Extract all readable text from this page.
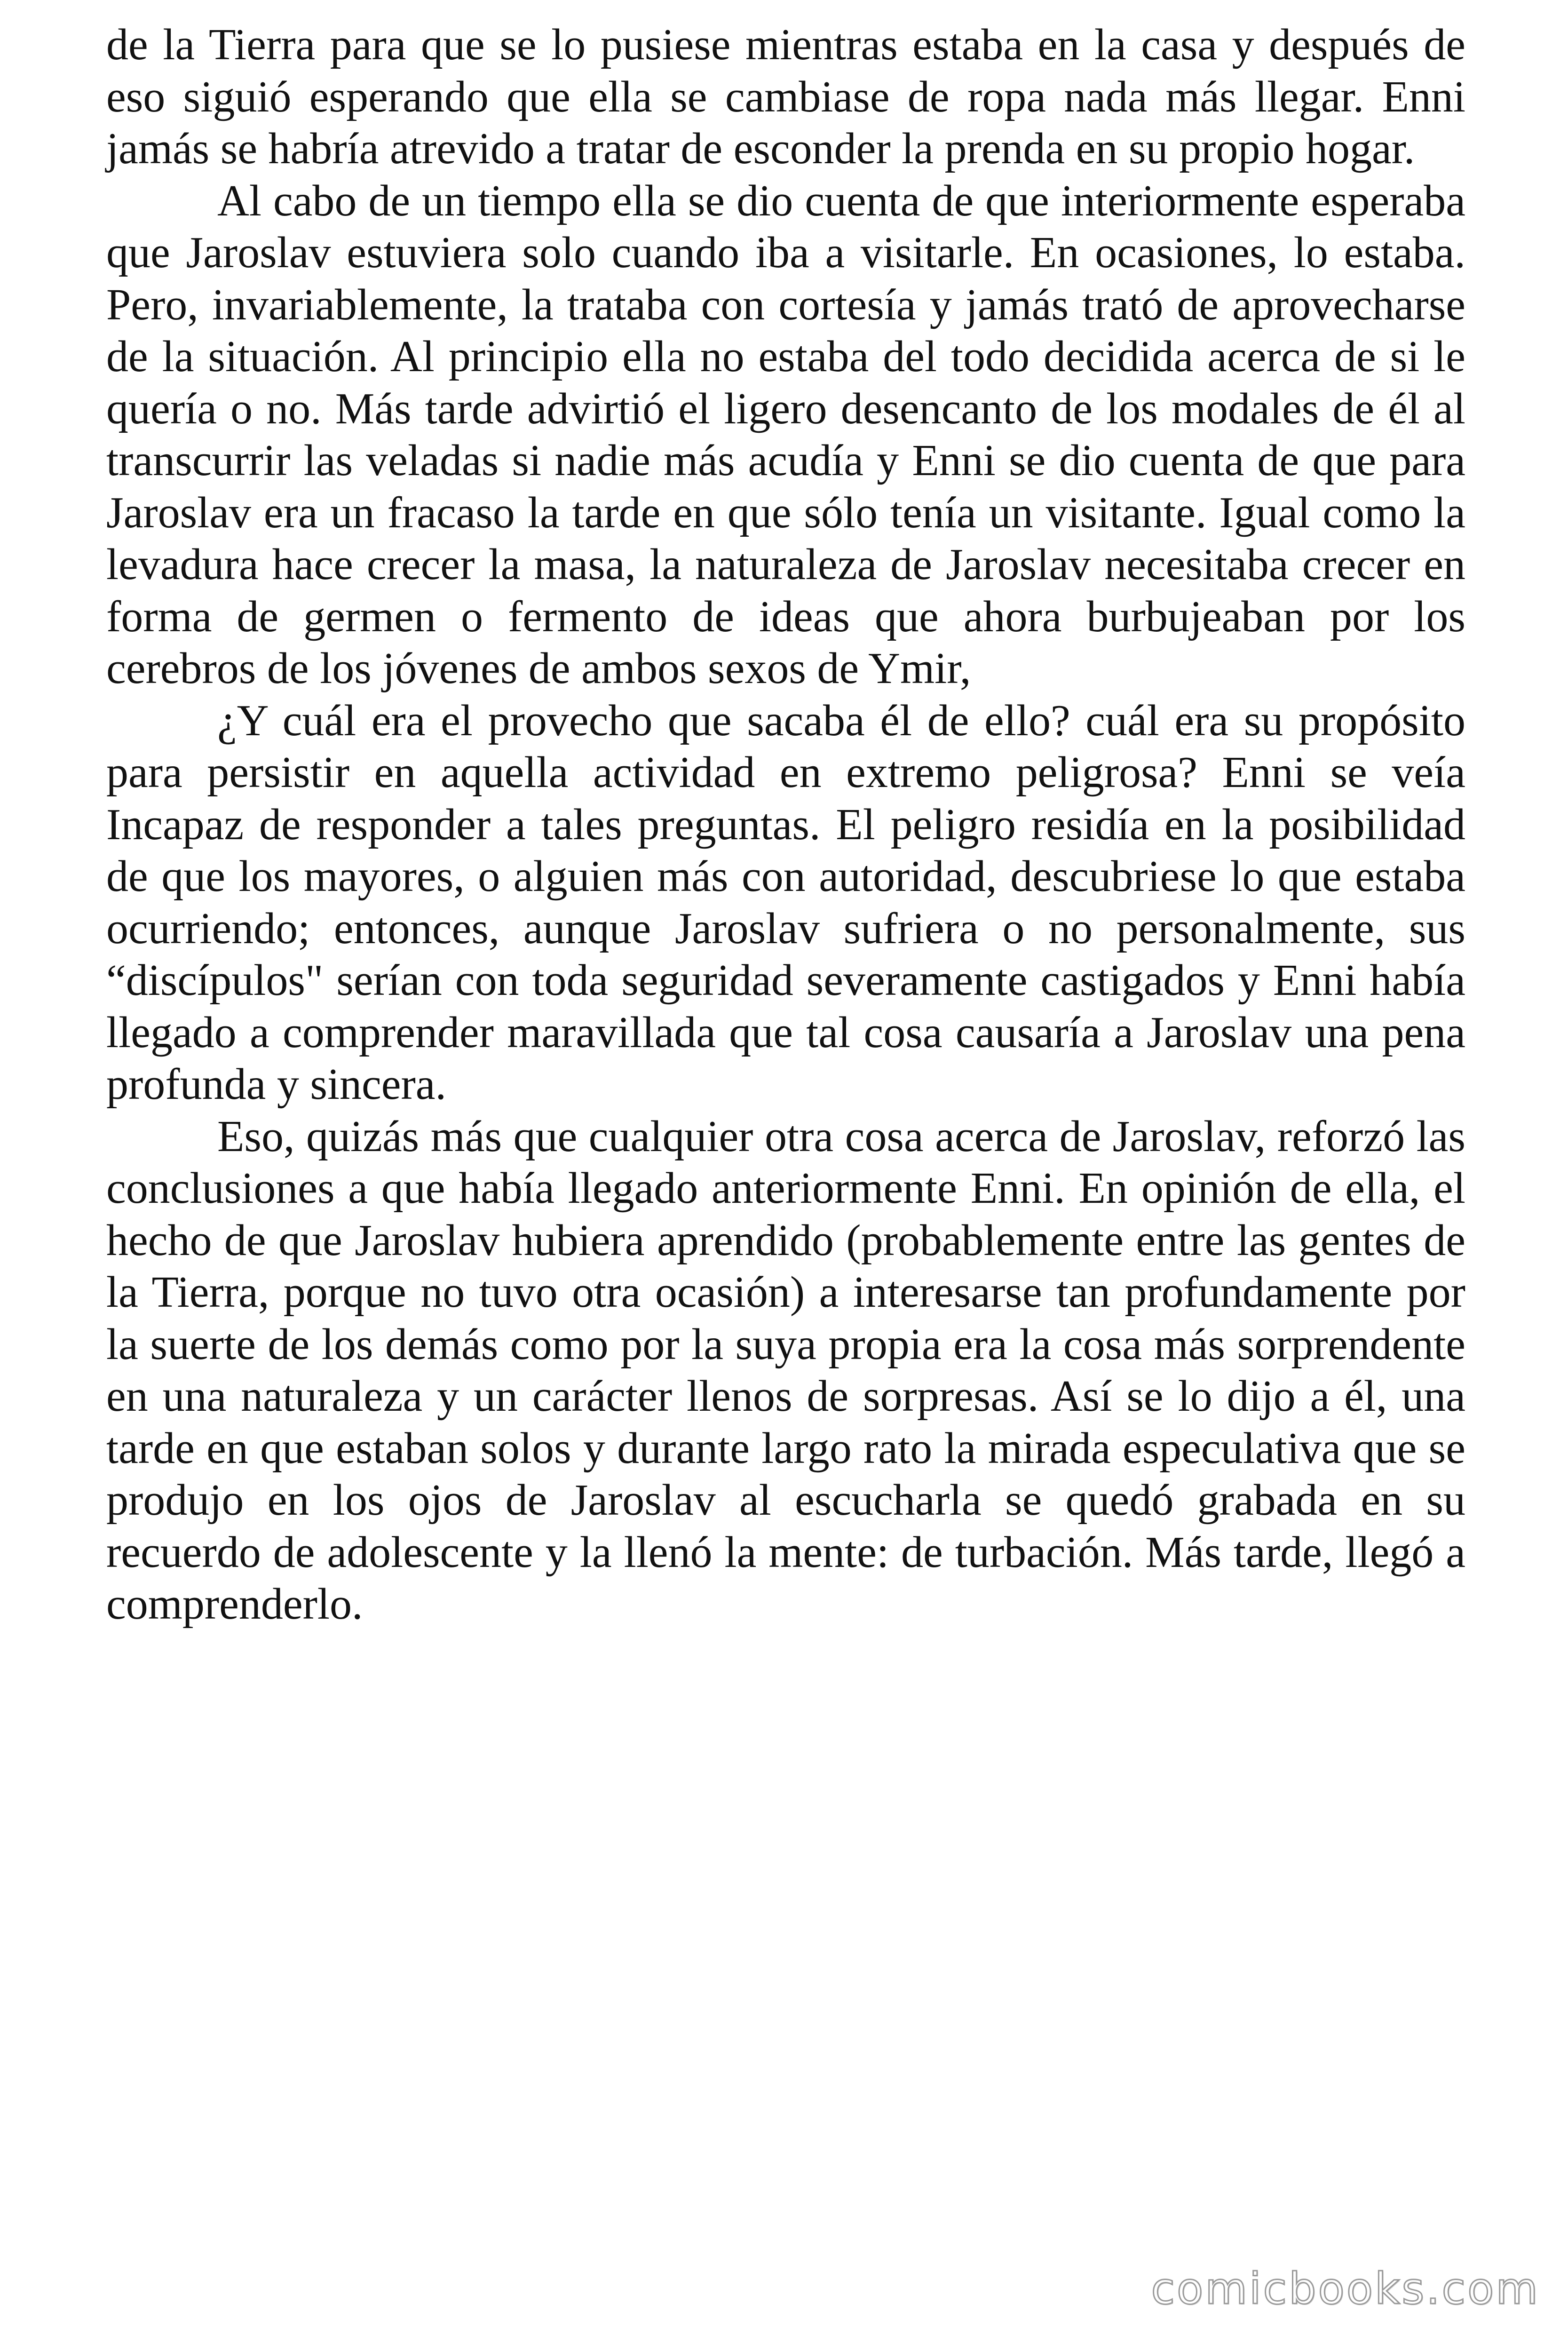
de la Tierra para que se lo pusiese mientras estaba en la casa y después de eso siguió esperando que ella se cambiase de ropa nada más llegar. Enni jamás se habría atrevido a tratar de esconder la prenda en su propio hogar.

Al cabo de un tiempo ella se dio cuenta de que interiormente esperaba que Jaroslav estuviera solo cuando iba a visitarle. En ocasiones, lo estaba. Pero, invariablemente, la trataba con cortesía y jamás trató de aprovecharse de la situación. Al principio ella no estaba del todo decidida acerca de si le quería o no. Más tarde advirtió el ligero desencanto de los modales de él al transcurrir las veladas si nadie más acudía y Enni se dio cuenta de que para Jaroslav era un fracaso la tarde en que sólo tenía un visitante. Igual como la levadura hace crecer la masa, la naturaleza de Jaroslav necesitaba crecer en forma de germen o fermento de ideas que ahora burbujeaban por los cerebros de los jóvenes de ambos sexos de Ymir,

¿Y cuál era el provecho que sacaba él de ello? cuál era su propósito para persistir en aquella actividad en extremo peligrosa? Enni se veía Incapaz de responder a tales preguntas. El peligro residía en la posibilidad de que los mayores, o alguien más con autoridad, descubriese lo que estaba ocurriendo; entonces, aunque Jaroslav sufriera o no personalmente, sus “discípulos" serían con toda seguridad severamente castigados y Enni había llegado a comprender maravillada que tal cosa causaría a Jaroslav una pena profunda y sincera.

Eso, quizás más que cualquier otra cosa acerca de Jaroslav, reforzó las conclusiones a que había llegado anteriormente Enni. En opinión de ella, el hecho de que Jaroslav hubiera aprendido (probablemente entre las gentes de la Tierra, porque no tuvo otra ocasión) a interesarse tan profundamente por la suerte de los demás como por la suya propia era la cosa más sorprendente en una naturaleza y un carácter llenos de sorpresas. Así se lo dijo a él, una tarde en que estaban solos y durante largo rato la mirada especulativa que se produjo en los ojos de Jaroslav al escucharla se quedó grabada en su recuerdo de adolescente y la llenó la mente: de turbación. Más tarde, llegó a comprenderlo.

comicbooks.com
